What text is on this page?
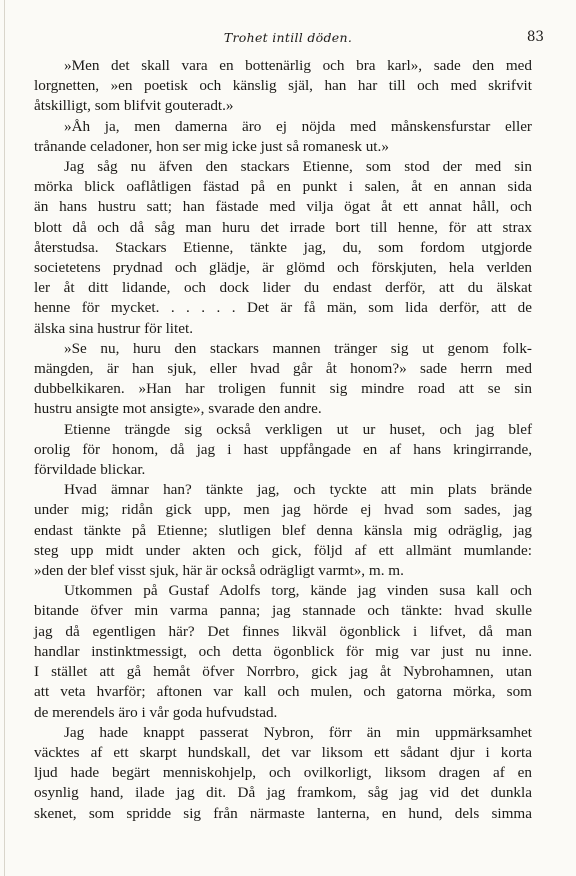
Trohet intill döden.	83
»Men det skall vara en bottenärlig och bra karl», sade den med
lorgnetten, »en poetisk och känslig själ, han har till och med skrifvit
åtskilligt, som blifvit gouteradt.»
»Åh ja, men damerna äro ej nöjda med månskensfurstar eller
trånande celadoner, hon ser mig icke just så romanesk ut.»
Jag såg nu äfven den stackars Etienne, som stod der med sin
mörka blick oaflåtligen fästad på en punkt i salen, åt en annan sida
än hans hustru satt; han fästade med vilja ögat åt ett annat håll, och
blott då och då såg man huru det irrade bort till henne, för att strax
återstudsa. Stackars Etienne, tänkte jag, du, som fordom utgjorde
societetens prydnad och glädje, är glömd och förskjuten, hela verlden
ler åt ditt lidande, och dock lider du endast derför, att du älskat
henne för mycket. . . . . . Det är få män, som lida derför, att de
älska sina hustrur för litet.
»Se nu, huru den stackars mannen tränger sig ut genom folk-
mängden, är han sjuk, eller hvad går åt honom?» sade herrn med
dubbelkikaren. »Han har troligen funnit sig mindre road att se sin
hustru ansigte mot ansigte», svarade den andre.
Etienne trängde sig också verkligen ut ur huset, och jag blef
orolig för honom, då jag i hast uppfångade en af hans kringirrande,
förvildade blickar.
Hvad ämnar han? tänkte jag, och tyckte att min plats brände
under mig; ridån gick upp, men jag hörde ej hvad som sades, jag
endast tänkte på Etienne; slutligen blef denna känsla mig odräglig, jag
steg upp midt under akten och gick, följd af ett allmänt mumlande:
»den der blef visst sjuk, här är också odrägligt varmt», m. m.
Utkommen på Gustaf Adolfs torg, kände jag vinden susa kall och
bitande öfver min varma panna; jag stannade och tänkte: hvad skulle
jag då egentligen här? Det finnes likväl ögonblick i lifvet, då man
handlar instinktmessigt, och detta ögonblick för mig var just nu inne.
I stället att gå hemåt öfver Norrbro, gick jag åt Nybrohamnen, utan
att veta hvarför; aftonen var kall och mulen, och gatorna mörka, som
de merendels äro i vår goda hufvudstad.
Jag hade knappt passerat Nybron, förr än min uppmärksamhet
väcktes af ett skarpt hundskall, det var liksom ett sådant djur i korta
ljud hade begärt menniskohjelp, och ovilkorligt, liksom dragen af en
osynlig hand, ilade jag dit. Då jag framkom, såg jag vid det dunkla
skenet, som spridde sig från närmaste lanterna, en hund, dels simma
